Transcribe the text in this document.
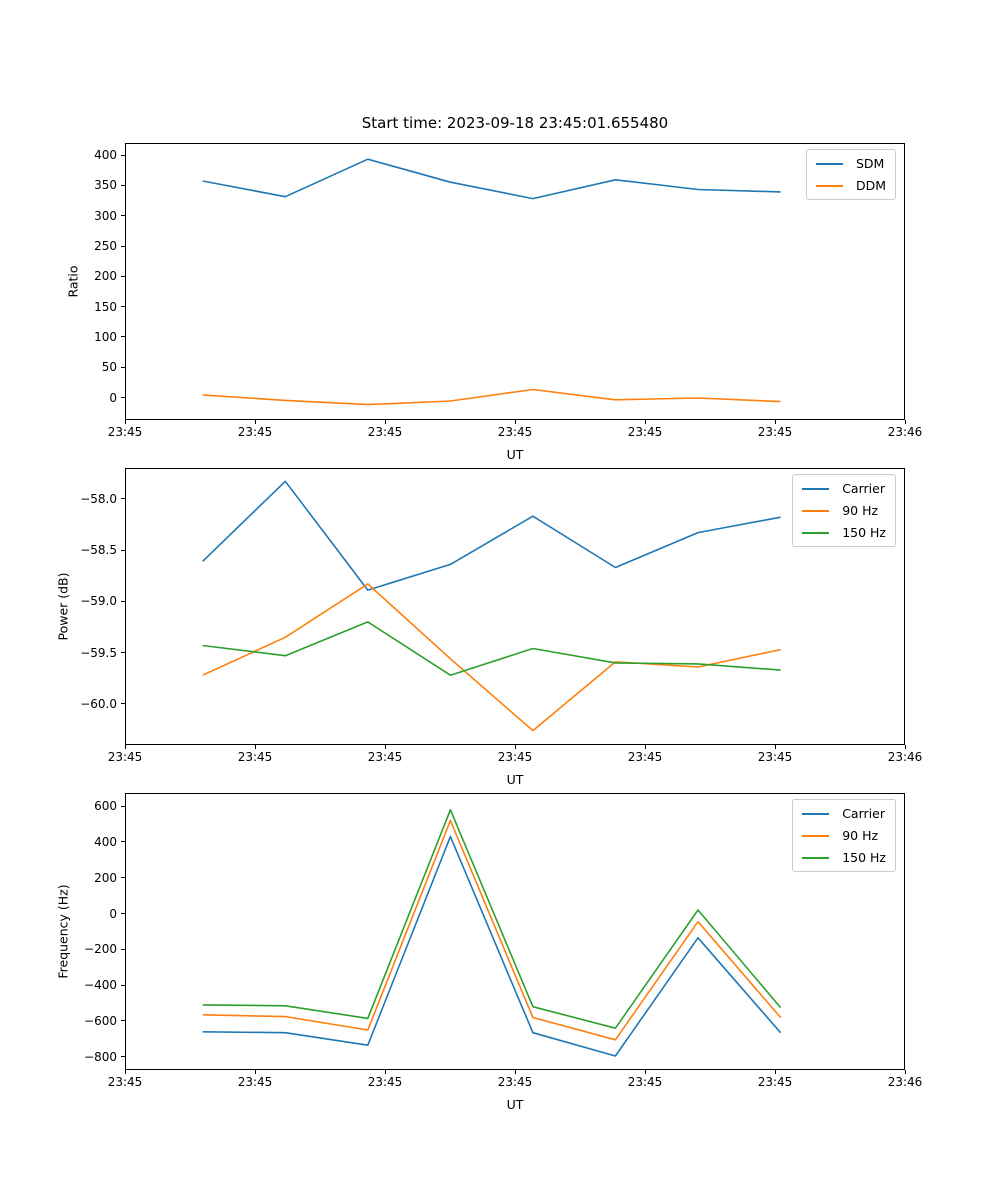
Start time: 2023-09-18 23:45:01.655480
SDM
DDM
Ratio
UT
23:45	23:45	23:45	23:45	23:45	23:45	23:46
0
50
100
150
200
250
300
350
400
Carrier
90 Hz
150 Hz
Power (dB)
UT
23:45	23:45	23:45	23:45	23:45	23:45	23:46
−58.0
−58.5
−59.0
−59.5
−60.0
Carrier
90 Hz
150 Hz
Frequency (Hz)
UT
23:45	23:45	23:45	23:45	23:45	23:45	23:46
600
400
200
0
−200
−400
−600
−800
